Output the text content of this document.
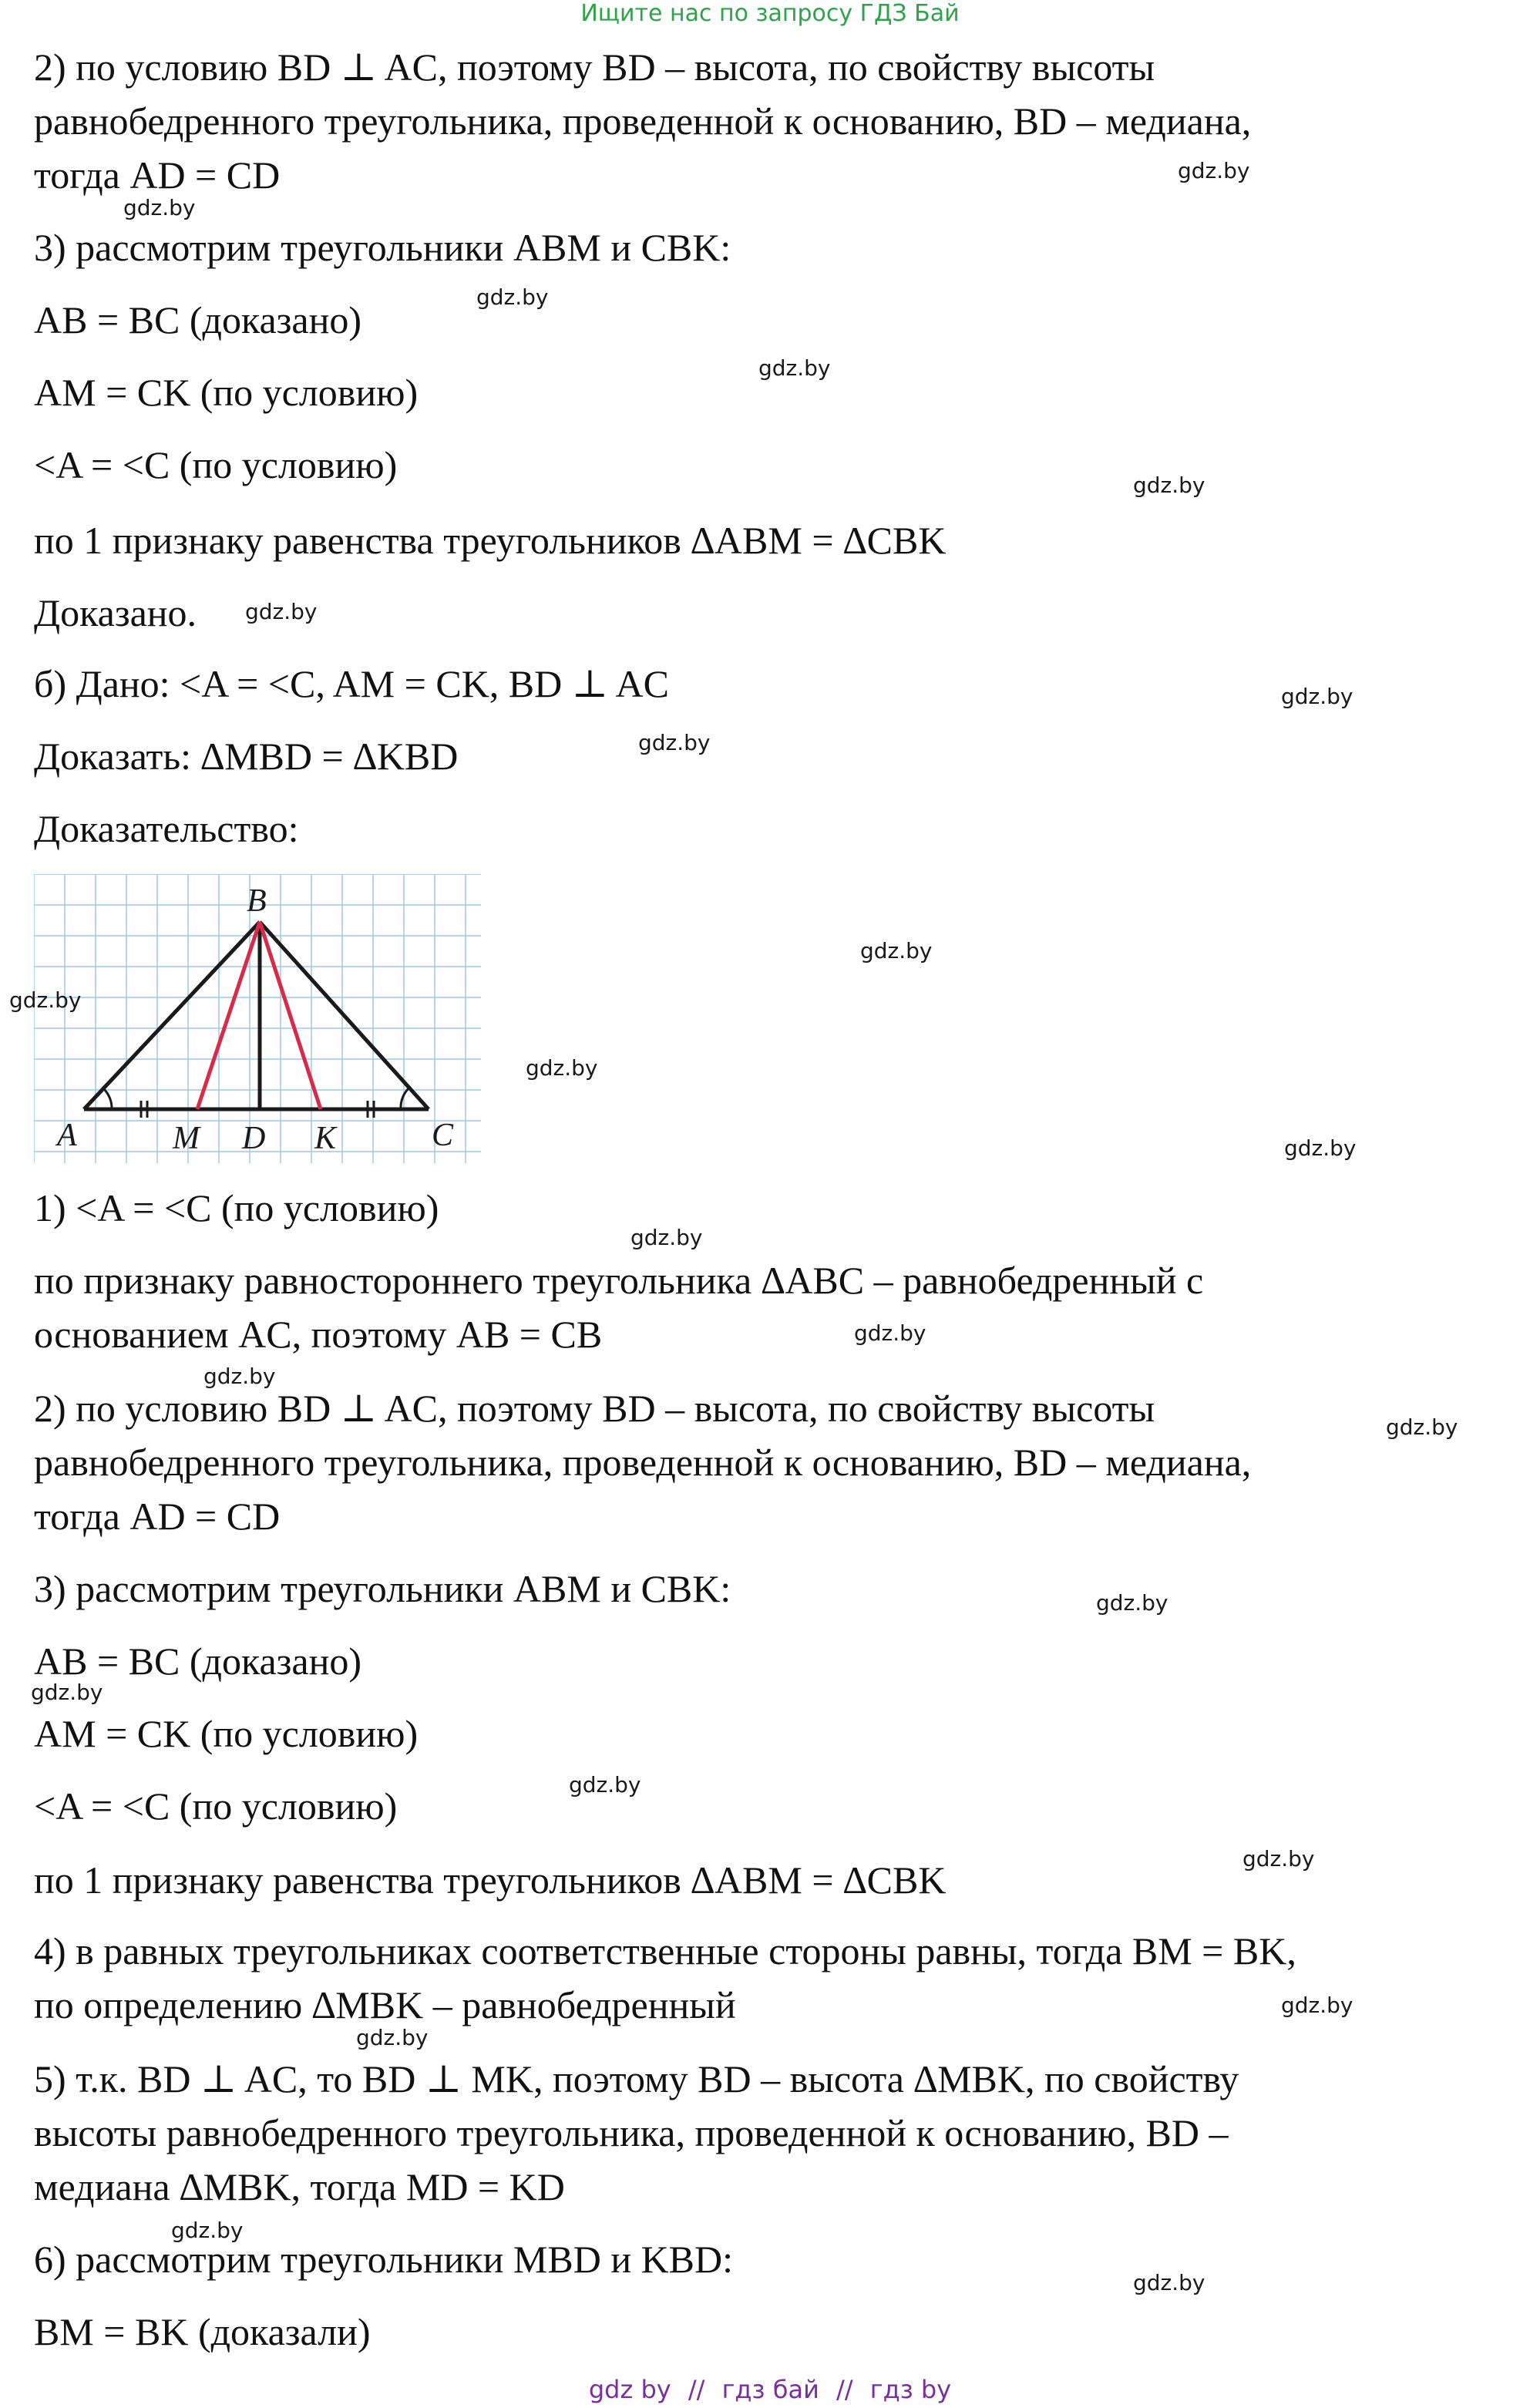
Ищите нас по запросу ГДЗ Бай

2) по условию BD ⊥ AC, поэтому BD – высота, по свойству высоты

равнобедренного треугольника, проведенной к основанию, BD – медиана,

тогда AD = CD

3) рассмотрим треугольники ABM и CBK:

AB = BC (доказано)

AM = CK (по условию)

<A = <C (по условию)

по 1 признаку равенства треугольников ∆ABM = ∆CBK

Доказано.

б) Дано: <A = <C, AM = CK, BD ⊥ AC

Доказать: ∆MBD = ∆KBD

Доказательство:

1) <A = <C (по условию)

по признаку равностороннего треугольника ∆ABC – равнобедренный с

основанием AC, поэтому AB = CB

2) по условию BD ⊥ AC, поэтому BD – высота, по свойству высоты

равнобедренного треугольника, проведенной к основанию, BD – медиана,

тогда AD = CD

3) рассмотрим треугольники ABM и CBK:

AB = BC (доказано)

AM = CK (по условию)

<A = <C (по условию)

по 1 признаку равенства треугольников ∆ABM = ∆CBK

4) в равных треугольниках соответственные стороны равны, тогда BM = BK,

по определению ∆MBK – равнобедренный

5) т.к. BD ⊥ AC, то BD ⊥ MK, поэтому BD – высота ∆MBK, по свойству

высоты равнобедренного треугольника, проведенной к основанию, BD –

медиана ∆MBK, тогда MD = KD

6) рассмотрим треугольники MBD и KBD:

BM = BK (доказали)

B
A	M D K	C
gdz.by
gdz.by
gdz.by
gdz.by
gdz.by
gdz.by
gdz.by
gdz.by
gdz.by
gdz.by
gdz.by
gdz.by
gdz.by
gdz.by
gdz.by
gdz.by
gdz.by
gdz.by
gdz.by
gdz.by
gdz.by
gdz.by
gdz.by
gdz.by
gdz by // гдз бай // гдз by
